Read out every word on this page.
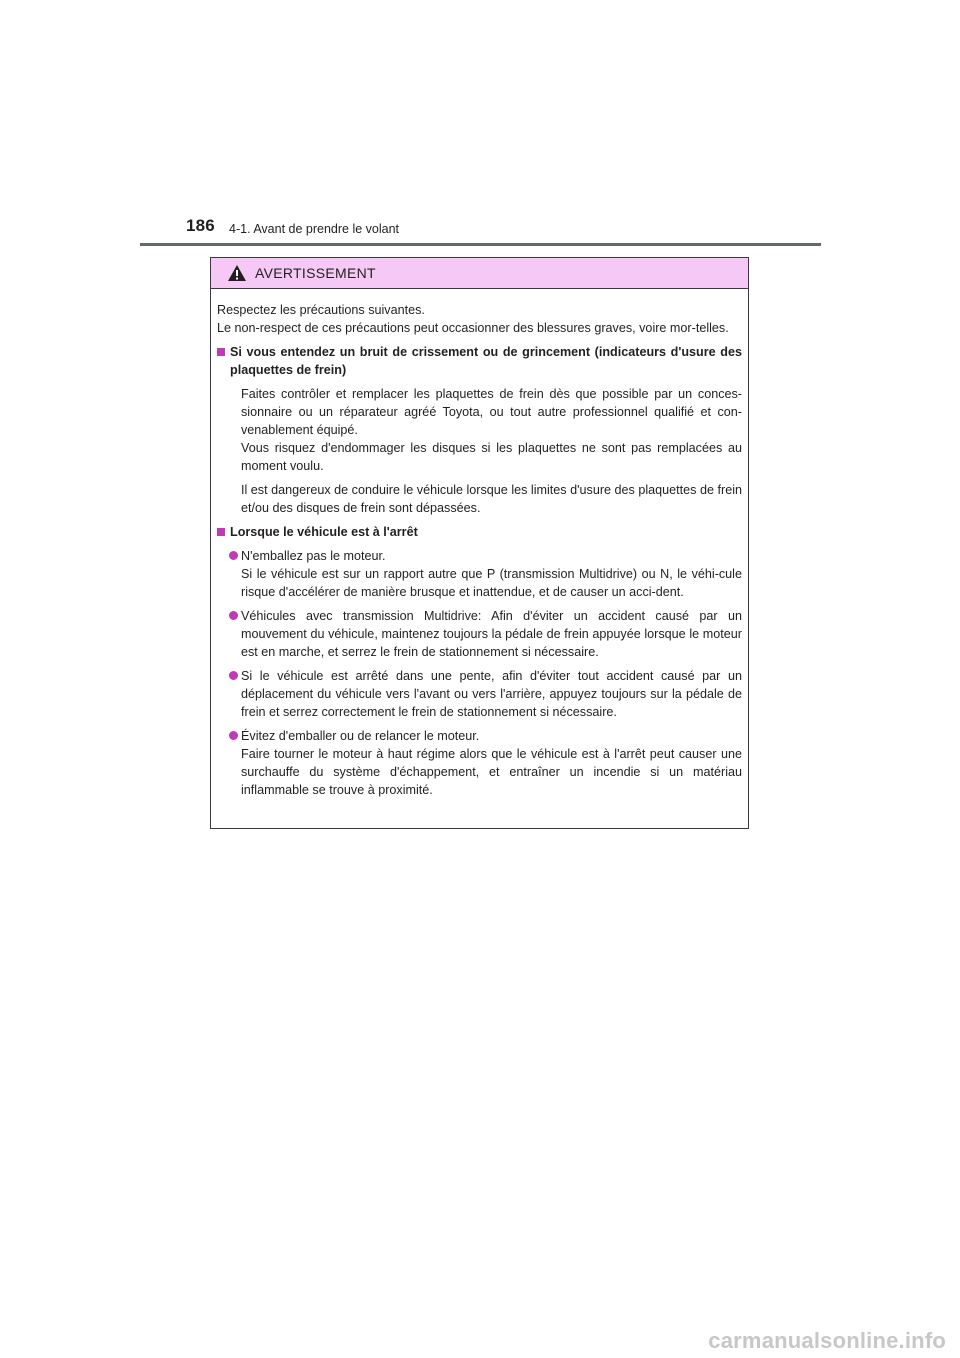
186 4-1. Avant de prendre le volant
AVERTISSEMENT

Respectez les précautions suivantes.

Le non-respect de ces précautions peut occasionner des blessures graves, voire mor-telles.

Si vous entendez un bruit de crissement ou de grincement (indicateurs d'usure des plaquettes de frein)

Faites contrôler et remplacer les plaquettes de frein dès que possible par un conces-sionnaire ou un réparateur agréé Toyota, ou tout autre professionnel qualifié et con-venablement équipé.

Vous risquez d'endommager les disques si les plaquettes ne sont pas remplacées au moment voulu.

Il est dangereux de conduire le véhicule lorsque les limites d'usure des plaquettes de frein et/ou des disques de frein sont dépassées.

Lorsque le véhicule est à l'arrêt
N'emballez pas le moteur.
Si le véhicule est sur un rapport autre que P (transmission Multidrive) ou N, le véhi-cule risque d'accélérer de manière brusque et inattendue, et de causer un acci-dent.
Véhicules avec transmission Multidrive: Afin d'éviter un accident causé par un mouvement du véhicule, maintenez toujours la pédale de frein appuyée lorsque le moteur est en marche, et serrez le frein de stationnement si nécessaire.
Si le véhicule est arrêté dans une pente, afin d'éviter tout accident causé par un déplacement du véhicule vers l'avant ou vers l'arrière, appuyez toujours sur la pédale de frein et serrez correctement le frein de stationnement si nécessaire.
Évitez d'emballer ou de relancer le moteur.
Faire tourner le moteur à haut régime alors que le véhicule est à l'arrêt peut causer une surchauffe du système d'échappement, et entraîner un incendie si un matériau inflammable se trouve à proximité.
carmanualsonline.info
